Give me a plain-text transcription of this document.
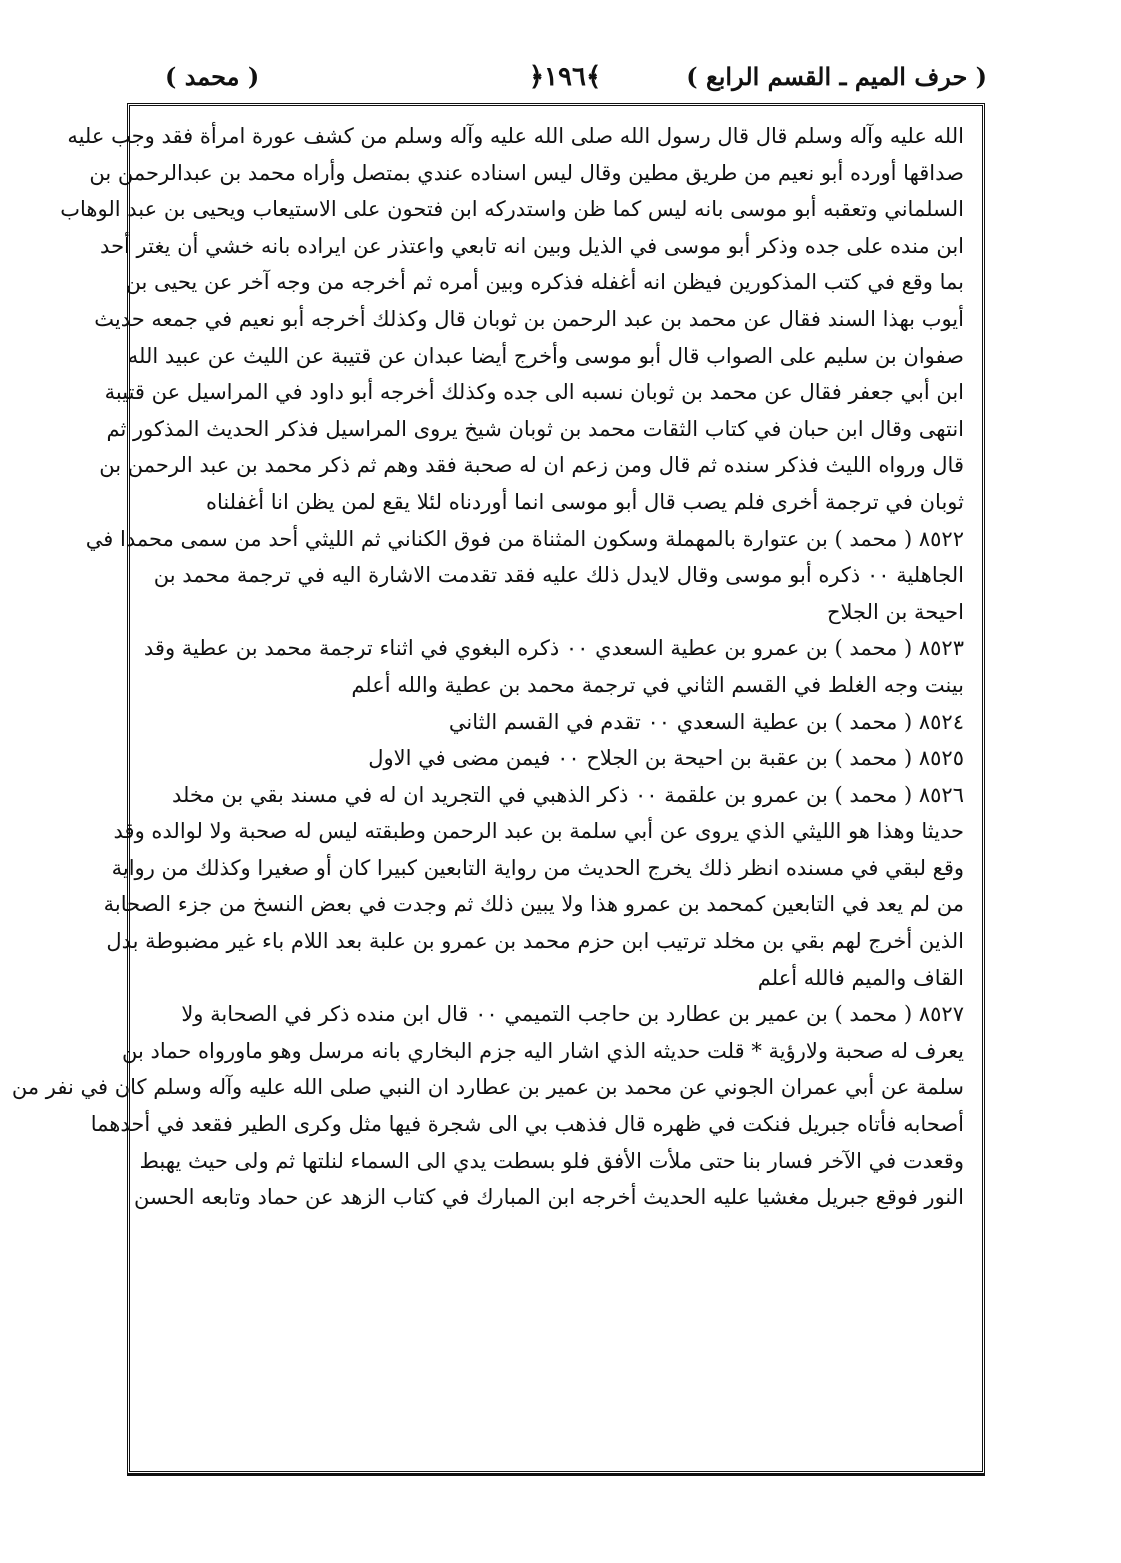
( حرف الميم ـ القسم الرابع )
﴿١٩٦﴾
( محمد )
الله عليه وآله وسلم قال قال رسول الله صلى الله عليه وآله وسلم من كشف عورة امرأة فقد وجب عليه
صداقها أورده أبو نعيم من طريق مطين وقال ليس اسناده عندي بمتصل وأراه محمد بن عبدالرحمن بن
السلماني وتعقبه أبو موسى بانه ليس كما ظن واستدركه ابن فتحون على الاستيعاب ويحيى بن عبد الوهاب
ابن منده على جده وذكر أبو موسى في الذيل وبين انه تابعي واعتذر عن ايراده بانه خشي أن يغتر أحد
بما وقع في كتب المذكورين فيظن انه أغفله فذكره وبين أمره ثم أخرجه من وجه آخر عن يحيى بن
أيوب بهذا السند فقال عن محمد بن عبد الرحمن بن ثوبان قال وكذلك أخرجه أبو نعيم في جمعه حديث
صفوان بن سليم على الصواب قال أبو موسى وأخرج أيضا عبدان عن قتيبة عن الليث عن عبيد الله
ابن أبي جعفر فقال عن محمد بن ثوبان نسبه الى جده وكذلك أخرجه أبو داود في المراسيل عن قتيبة
انتهى وقال ابن حبان في كتاب الثقات محمد بن ثوبان شيخ يروى المراسيل فذكر الحديث المذكور ثم
قال ورواه الليث فذكر سنده ثم قال ومن زعم ان له صحبة فقد وهم ثم ذكر محمد بن عبد الرحمن بن
ثوبان في ترجمة أخرى فلم يصب قال أبو موسى انما أوردناه لئلا يقع لمن يظن انا أغفلناه
٨٥٢٢ ( محمد ) بن عتوارة بالمهملة وسكون المثناة من فوق الكناني ثم الليثي أحد من سمى محمدا في
الجاهلية ٠٠ ذكره أبو موسى وقال لايدل ذلك عليه فقد تقدمت الاشارة اليه في ترجمة محمد بن
احيحة بن الجلاح
٨٥٢٣ ( محمد ) بن عمرو بن عطية السعدي ٠٠ ذكره البغوي في اثناء ترجمة محمد بن عطية وقد
بينت وجه الغلط في القسم الثاني في ترجمة محمد بن عطية والله أعلم
٨٥٢٤ ( محمد ) بن عطية السعدي ٠٠ تقدم في القسم الثاني
٨٥٢٥ ( محمد ) بن عقبة بن احيحة بن الجلاح ٠٠ فيمن مضى في الاول
٨٥٢٦ ( محمد ) بن عمرو بن علقمة ٠٠ ذكر الذهبي في التجريد ان له في مسند بقي بن مخلد
حديثا وهذا هو الليثي الذي يروى عن أبي سلمة بن عبد الرحمن وطبقته ليس له صحبة ولا لوالده وقد
وقع لبقي في مسنده انظر ذلك يخرج الحديث من رواية التابعين كبيرا كان أو صغيرا وكذلك من رواية
من لم يعد في التابعين كمحمد بن عمرو هذا ولا يبين ذلك ثم وجدت في بعض النسخ من جزء الصحابة
الذين أخرج لهم بقي بن مخلد ترتيب ابن حزم محمد بن عمرو بن علبة بعد اللام باء غير مضبوطة بدل
القاف والميم فالله أعلم
٨٥٢٧ ( محمد ) بن عمير بن عطارد بن حاجب التميمي ٠٠ قال ابن منده ذكر في الصحابة ولا
يعرف له صحبة ولارؤية * قلت حديثه الذي اشار اليه جزم البخاري بانه مرسل وهو ماورواه حماد بن
سلمة عن أبي عمران الجوني عن محمد بن عمير بن عطارد ان النبي صلى الله عليه وآله وسلم كان في نفر من
أصحابه فأتاه جبريل فنكت في ظهره قال فذهب بي الى شجرة فيها مثل وكرى الطير فقعد في أحدهما
وقعدت في الآخر فسار بنا حتى ملأت الأفق فلو بسطت يدي الى السماء لنلتها ثم ولى حيث يهبط
النور فوقع جبريل مغشيا عليه الحديث أخرجه ابن المبارك في كتاب الزهد عن حماد وتابعه الحسن
